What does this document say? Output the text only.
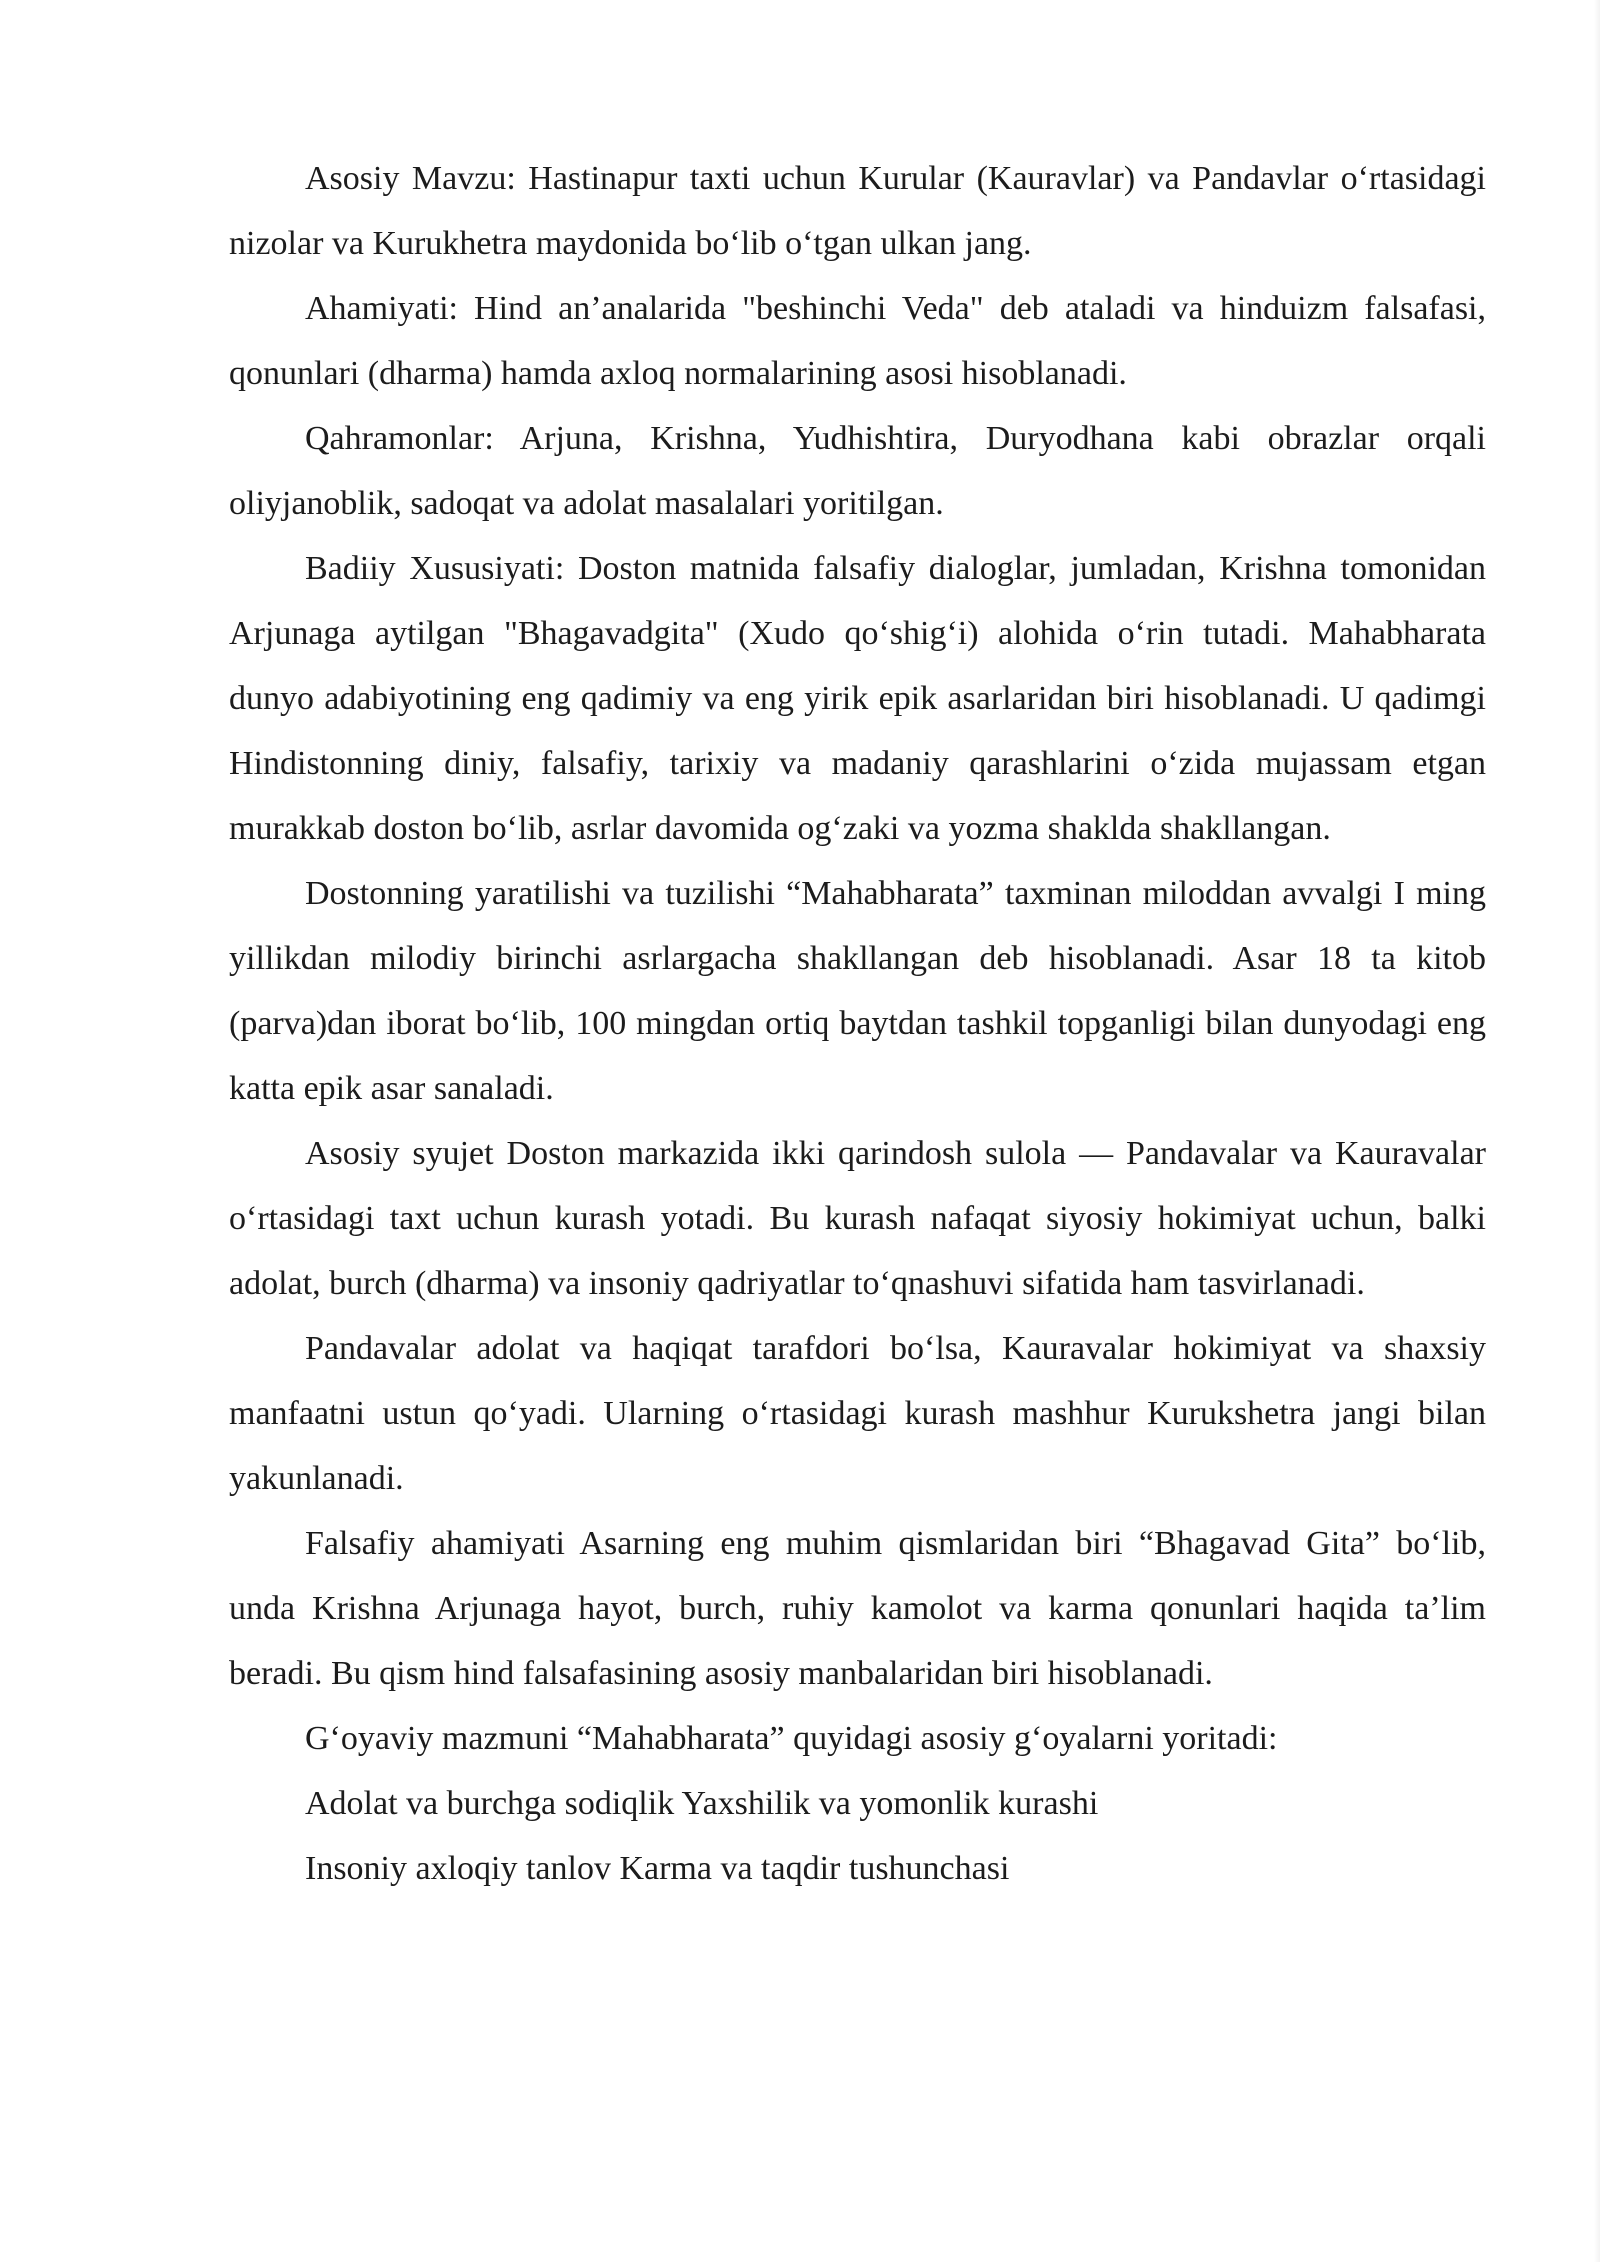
Asosiy Mavzu: Hastinapur taxti uchun Kurular (Kauravlar) va Pandavlar o‘rtasidagi nizolar va Kurukhetra maydonida bo‘lib o‘tgan ulkan jang.

Ahamiyati: Hind an’analarida "beshinchi Veda" deb ataladi va hinduizm falsafasi, qonunlari (dharma) hamda axloq normalarining asosi hisoblanadi.

Qahramonlar: Arjuna, Krishna, Yudhishtira, Duryodhana kabi obrazlar orqali oliyjanoblik, sadoqat va adolat masalalari yoritilgan.

Badiiy Xususiyati: Doston matnida falsafiy dialoglar, jumladan, Krishna tomonidan Arjunaga aytilgan "Bhagavadgita" (Xudo qo‘shig‘i) alohida o‘rin tutadi. Mahabharata dunyo adabiyotining eng qadimiy va eng yirik epik asarlaridan biri hisoblanadi. U qadimgi Hindistonning diniy, falsafiy, tarixiy va madaniy qarashlarini o‘zida mujassam etgan murakkab doston bo‘lib, asrlar davomida og‘zaki va yozma shaklda shakllangan.

Dostonning yaratilishi va tuzilishi “Mahabharata” taxminan miloddan avvalgi I ming yillikdan milodiy birinchi asrlargacha shakllangan deb hisoblanadi. Asar 18 ta kitob (parva)dan iborat bo‘lib, 100 mingdan ortiq baytdan tashkil topganligi bilan dunyodagi eng katta epik asar sanaladi.

Asosiy syujet Doston markazida ikki qarindosh sulola — Pandavalar va Kauravalar o‘rtasidagi taxt uchun kurash yotadi. Bu kurash nafaqat siyosiy hokimiyat uchun, balki adolat, burch (dharma) va insoniy qadriyatlar to‘qnashuvi sifatida ham tasvirlanadi.

Pandavalar adolat va haqiqat tarafdori bo‘lsa, Kauravalar hokimiyat va shaxsiy manfaatni ustun qo‘yadi. Ularning o‘rtasidagi kurash mashhur Kurukshetra jangi bilan yakunlanadi.

Falsafiy ahamiyati Asarning eng muhim qismlaridan biri “Bhagavad Gita” bo‘lib, unda Krishna Arjunaga hayot, burch, ruhiy kamolot va karma qonunlari haqida ta’lim beradi. Bu qism hind falsafasining asosiy manbalaridan biri hisoblanadi.

G‘oyaviy mazmuni “Mahabharata” quyidagi asosiy g‘oyalarni yoritadi:

Adolat va burchga sodiqlik Yaxshilik va yomonlik kurashi

Insoniy axloqiy tanlov Karma va taqdir tushunchasi
